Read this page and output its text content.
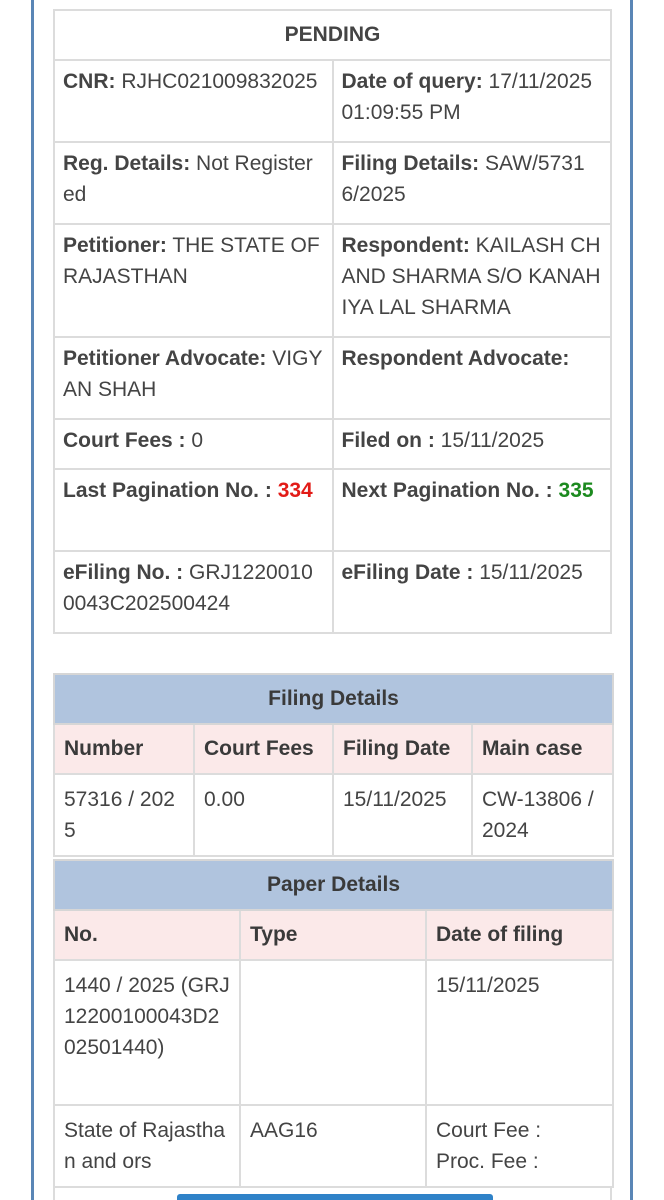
PENDING	
CNR: RJHC021009832025	Date of query: 17/11/2025 01:09:55 PM
Reg. Details: Not Registered	Filing Details: SAW/57316/2025
Petitioner: THE STATE OF RAJASTHAN	Respondent: KAILASH CHAND SHARMA S/O KANAHIYA LAL SHARMA
Petitioner Advocate: VIGYAN SHAH	Respondent Advocate:
Court Fees : 0	Filed on : 15/11/2025
Last Pagination No. : 334	Next Pagination No. : 335
eFiling No. : GRJ12200100043C202500424	eFiling Date : 15/11/2025
Filing Details			
Number	Court Fees	Filing Date	Main case
57316 / 2025	0.00	15/11/2025	CW-13806 / 2024
Paper Details		
No.	Type	Date of filing
1440 / 2025 (GRJ12200100043D202501440)		15/11/2025
State of Rajasthan and ors	AAG16	Court Fee :
Proc. Fee :
